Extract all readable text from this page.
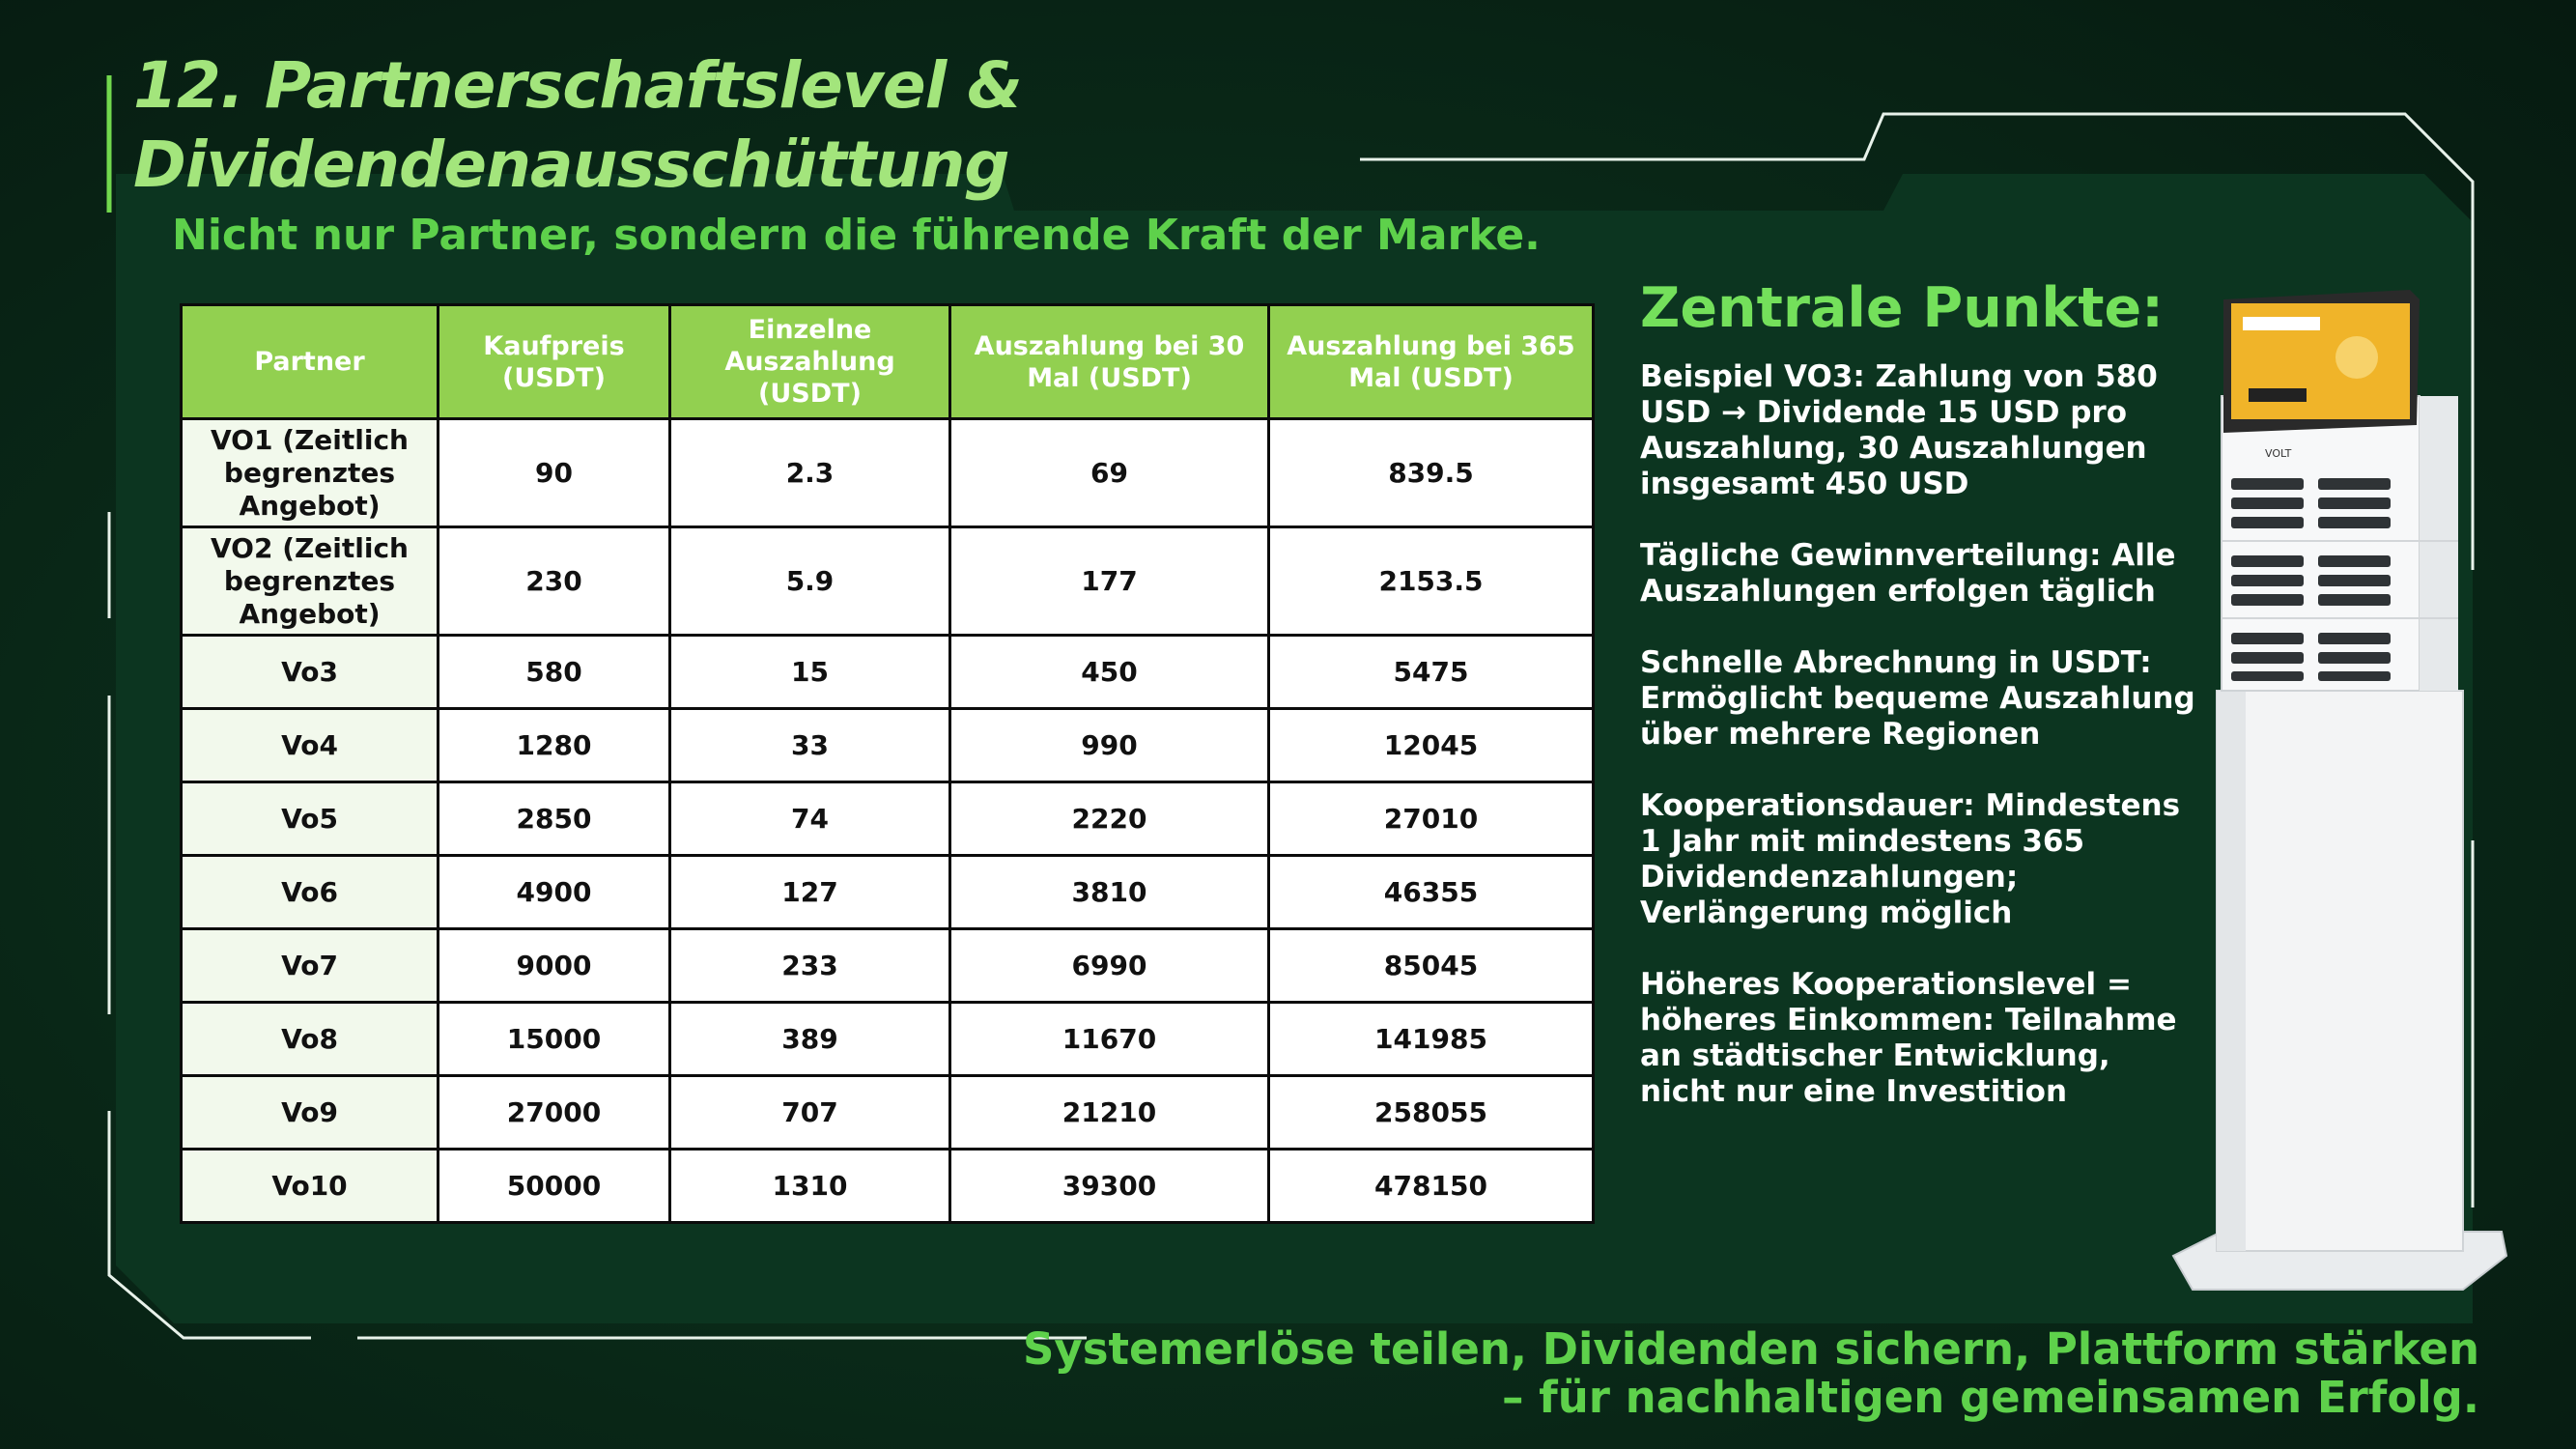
12. Partnerschaftslevel &
Dividendenausschüttung

Nicht nur Partner, sondern die führende Kraft der Marke.

Partner	Kaufpreis (USDT)	Einzelne Auszahlung (USDT)	Auszahlung bei 30 Mal (USDT)	Auszahlung bei 365 Mal (USDT)
VO1 (Zeitlich begrenztes Angebot)	90	2.3	69	839.5
VO2 (Zeitlich begrenztes Angebot)	230	5.9	177	2153.5
Vo3	580	15	450	5475
Vo4	1280	33	990	12045
Vo5	2850	74	2220	27010
Vo6	4900	127	3810	46355
Vo7	9000	233	6990	85045
Vo8	15000	389	11670	141985
Vo9	27000	707	21210	258055
Vo10	50000	1310	39300	478150
Zentrale Punkte:

Beispiel VO3: Zahlung von 580 USD → Dividende 15 USD pro Auszahlung, 30 Auszahlungen insgesamt 450 USD

Tägliche Gewinnverteilung: Alle Auszahlungen erfolgen täglich

Schnelle Abrechnung in USDT: Ermöglicht bequeme Auszahlung über mehrere Regionen

Kooperationsdauer: Mindestens 1 Jahr mit mindestens 365 Dividendenzahlungen; Verlängerung möglich

Höheres Kooperationslevel = höheres Einkommen: Teilnahme an städtischer Entwicklung, nicht nur eine Investition

VOLT

Systemerlöse teilen, Dividenden sichern, Plattform stärken
– für nachhaltigen gemeinsamen Erfolg.
